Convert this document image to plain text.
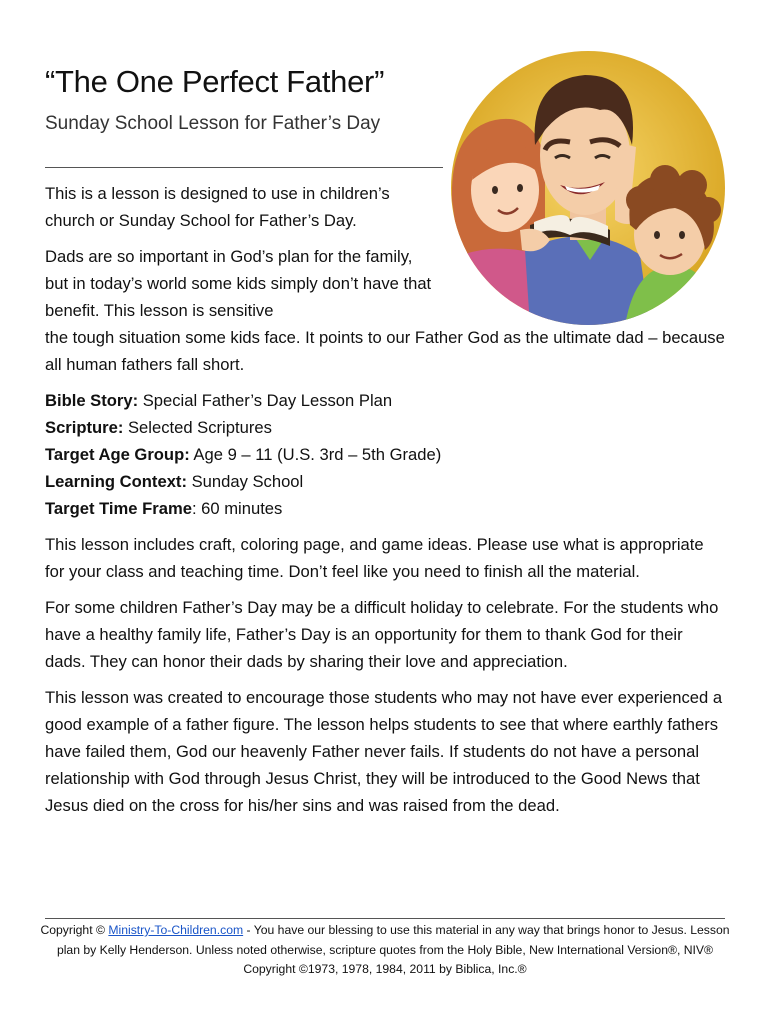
“The One Perfect Father”

Sunday School Lesson for Father’s Day

This is a lesson is designed to use in children’s church or Sunday School for Father’s Day.

Dads are so important in God’s plan for the family, but in today’s world some kids simply don’t have that benefit. This lesson is sensitive
the tough situation some kids face. It points to our Father God as the ultimate dad – because all human fathers fall short.

Bible Story: Special Father’s Day Lesson Plan

Scripture: Selected Scriptures

Target Age Group: Age 9 – 11 (U.S. 3rd – 5th Grade)

Learning Context: Sunday School

Target Time Frame: 60 minutes

This lesson includes craft, coloring page, and game ideas. Please use what is appropriate for your class and teaching time. Don’t feel like you need to finish all the material.

For some children Father’s Day may be a difficult holiday to celebrate. For the students who have a healthy family life, Father’s Day is an opportunity for them to thank God for their dads. They can honor their dads by sharing their love and appreciation.

This lesson was created to encourage those students who may not have ever experienced a good example of a father figure. The lesson helps students to see that where earthly fathers have failed them, God our heavenly Father never fails. If students do not have a personal relationship with God through Jesus Christ, they will be introduced to the Good News that Jesus died on the cross for his/her sins and was raised from the dead.

Copyright © Ministry-To-Children.com - You have our blessing to use this material in any way that brings honor to Jesus. Lesson plan by Kelly Henderson. Unless noted otherwise, scripture quotes from the Holy Bible, New International Version®, NIV® Copyright ©1973, 1978, 1984, 2011 by Biblica, Inc.®
